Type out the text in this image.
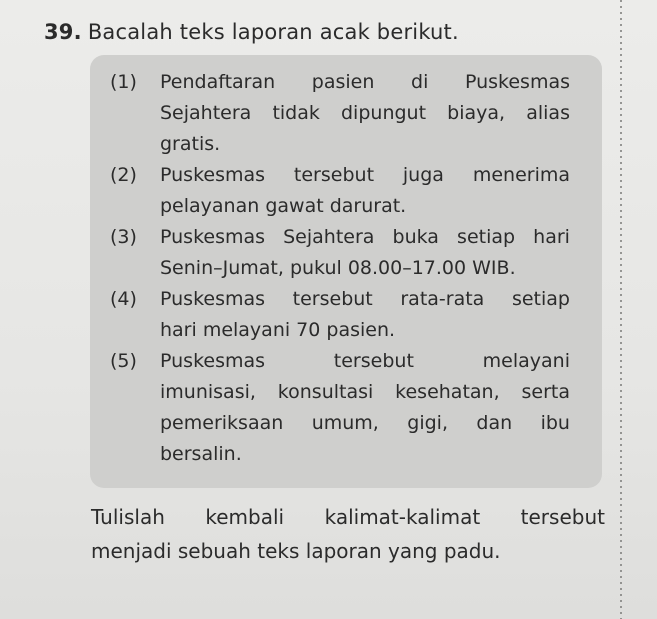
39. Bacalah teks laporan acak berikut.
(1)	Pendaftaran pasien di Puskesmas
Sejahtera tidak dipungut biaya, alias
gratis.
(2)	Puskesmas tersebut juga menerima
pelayanan gawat darurat.
(3)	Puskesmas Sejahtera buka setiap hari
Senin–Jumat, pukul 08.00–17.00 WIB.
(4)	Puskesmas tersebut rata-rata setiap
hari melayani 70 pasien.
(5)	Puskesmas	tersebut	melayani
imunisasi, konsultasi kesehatan, serta
pemeriksaan umum, gigi, dan ibu
bersalin.
Tulislah kembali kalimat-kalimat tersebut
menjadi sebuah teks laporan yang padu.
